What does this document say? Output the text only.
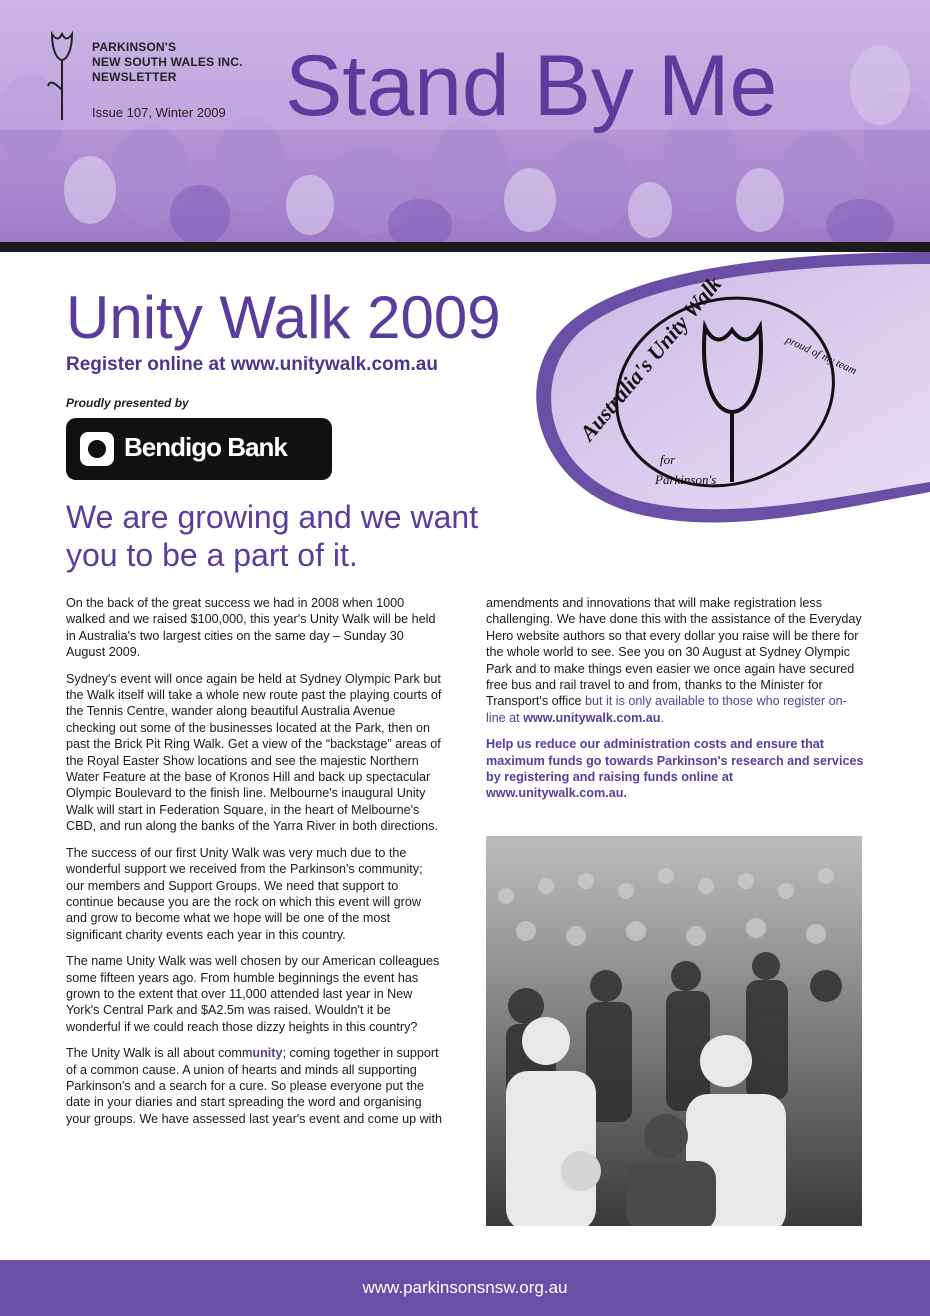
PARKINSON'S
NEW SOUTH WALES INC.
NEWSLETTER
Issue 107, Winter 2009 Stand By Me
Australia's Unity Walk	proud of my team
for
Parkinson's
Unity Walk 2009
Register online at www.unitywalk.com.au
Proudly presented by
Bendigo Bank
We are growing and we want you to be a part of it.

On the back of the great success we had in 2008 when 1000 walked and we raised $100,000, this year's Unity Walk will be held in Australia's two largest cities on the same day – Sunday 30 August 2009.

Sydney's event will once again be held at Sydney Olympic Park but the Walk itself will take a whole new route past the playing courts of the Tennis Centre, wander along beautiful Australia Avenue checking out some of the businesses located at the Park, then on past the Brick Pit Ring Walk. Get a view of the “backstage” areas of the Royal Easter Show locations and see the majestic Northern Water Feature at the base of Kronos Hill and back up spectacular Olympic Boulevard to the finish line. Melbourne's inaugural Unity Walk will start in Federation Square, in the heart of Melbourne's CBD, and run along the banks of the Yarra River in both directions.

The success of our first Unity Walk was very much due to the wonderful support we received from the Parkinson's community; our members and Support Groups. We need that support to continue because you are the rock on which this event will grow and grow to become what we hope will be one of the most significant charity events each year in this country.

The name Unity Walk was well chosen by our American colleagues some fifteen years ago. From humble beginnings the event has grown to the extent that over 11,000 attended last year in New York's Central Park and $A2.5m was raised. Wouldn't it be wonderful if we could reach those dizzy heights in this country?

The Unity Walk is all about community; coming together in support of a common cause. A union of hearts and minds all supporting Parkinson's and a search for a cure. So please everyone put the date in your diaries and start spreading the word and organising your groups. We have assessed last year's event and come up with

amendments and innovations that will make registration less challenging. We have done this with the assistance of the Everyday Hero website authors so that every dollar you raise will be there for the whole world to see. See you on 30 August at Sydney Olympic Park and to make things even easier we once again have secured free bus and rail travel to and from, thanks to the Minister for Transport's office but it is only available to those who register on-line at www.unitywalk.com.au.

Help us reduce our administration costs and ensure that maximum funds go towards Parkinson's research and services by registering and raising funds online at www.unitywalk.com.au.

www.parkinsonsnsw.org.au
